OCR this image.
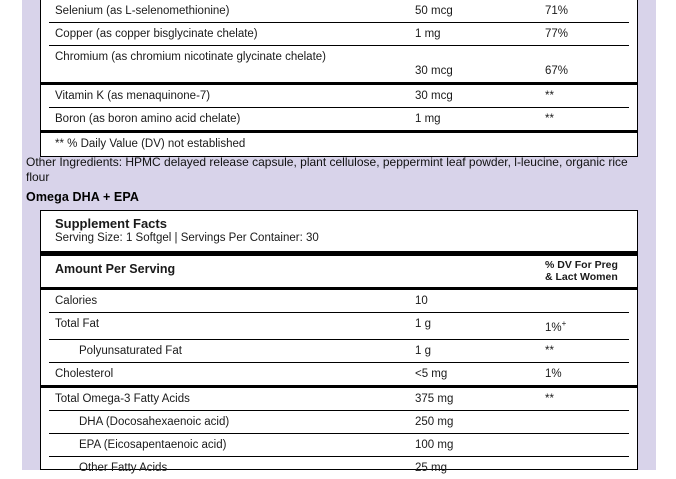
Selenium (as L-selenomethionine)	50 mcg	71%
Copper (as copper bisglycinate chelate)	1 mg	77%
Chromium (as chromium nicotinate glycinate chelate)
30 mcg	67%
Vitamin K (as menaquinone-7)	30 mcg	**
Boron (as boron amino acid chelate)	1 mg	**
** % Daily Value (DV) not established
Other Ingredients: HPMC delayed release capsule, plant cellulose, peppermint leaf powder, l-leucine, organic rice flour
Omega DHA + EPA
Supplement Facts
Serving Size: 1 Softgel | Servings Per Container: 30
Amount Per Serving	% DV For Preg
& Lact Women
Calories	10
Total Fat	1 g	1%+
Polyunsaturated Fat	1 g	**
Cholesterol	<5 mg	1%
Total Omega-3 Fatty Acids	375 mg	**
DHA (Docosahexaenoic acid)	250 mg
EPA (Eicosapentaenoic acid)	100 mg
Other Fatty Acids	25 mg
